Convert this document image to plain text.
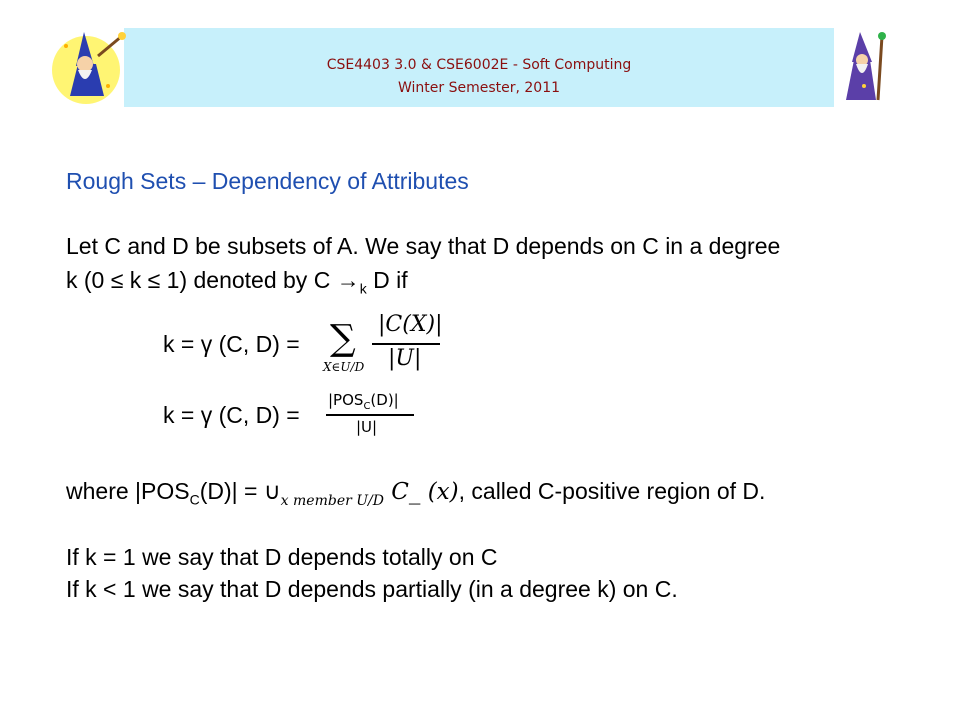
CSE4403 3.0 & CSE6002E - Soft Computing
Winter Semester, 2011
Rough Sets – Dependency of Attributes
Let C and D be subsets of A. We say that D depends on C in a degree
k (0 ≤ k ≤ 1) denoted by $C \to_k$ D if
k = γ (C, D) = ∑
X∈U/D
|C(X)|
|U|
k = γ (C, D) =
$|POS_C(D)|$
|U|
where $|POS_C(D)|$ = $\cup_{x member U/D}$ C_ (x), called C-positive region of D.
If k = 1 we say that D depends totally on C
If k < 1 we say that D depends partially (in a degree k) on C.
